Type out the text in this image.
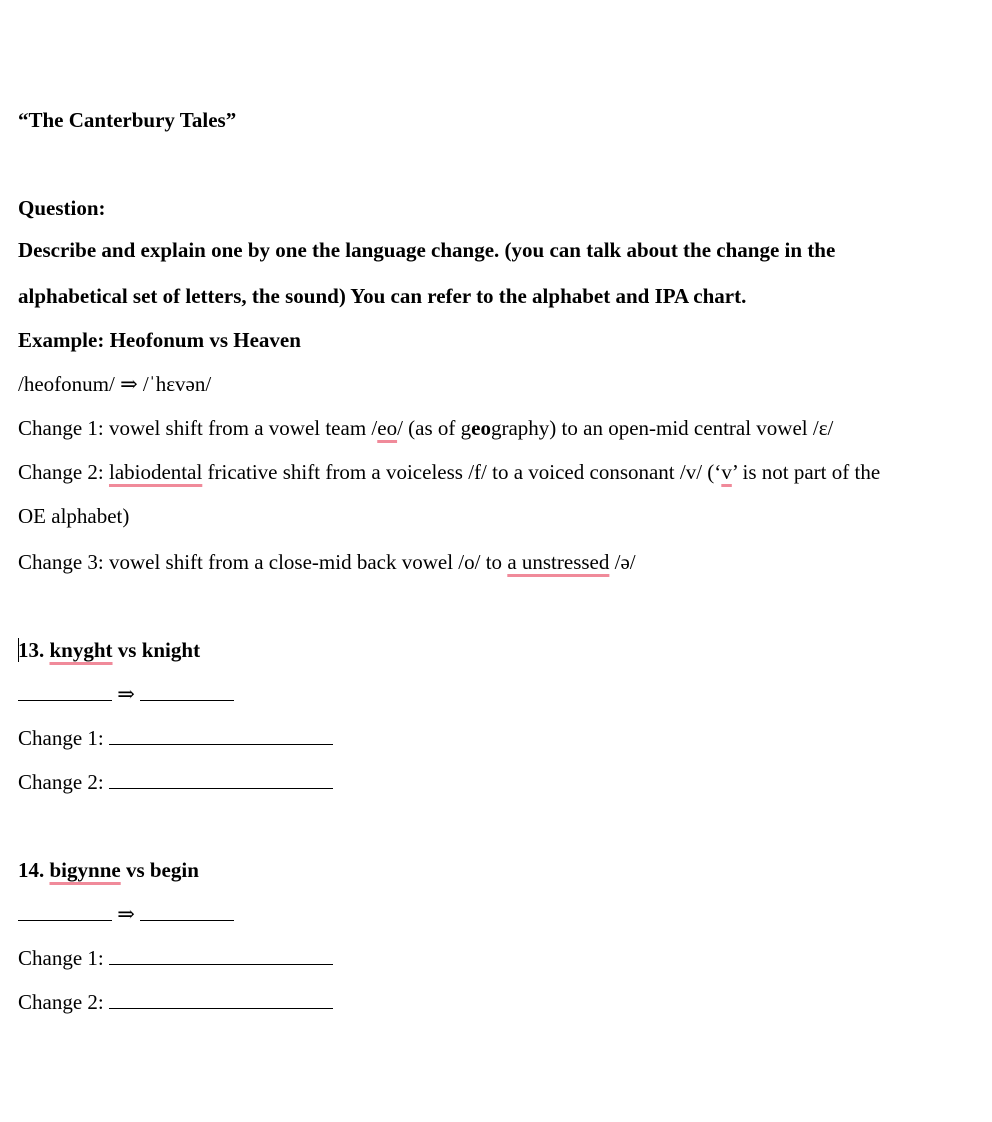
“The Canterbury Tales”
Question:
Describe and explain one by one the language change. (you can talk about the change in the
alphabetical set of letters, the sound) You can refer to the alphabet and IPA chart.
Example: Heofonum vs Heaven
/heofonum/ ⇒ /ˈhɛvən/
Change 1: vowel shift from a vowel team /eo/ (as of geography) to an open-mid central vowel /ɛ/
Change 2: labiodental fricative shift from a voiceless /f/ to a voiced consonant /v/ (‘v’ is not part of the
OE alphabet)
Change 3: vowel shift from a close-mid back vowel /o/ to a unstressed /ə/
13. knyght vs knight
⇒
Change 1:
Change 2:
14. bigynne vs begin
⇒
Change 1:
Change 2:
